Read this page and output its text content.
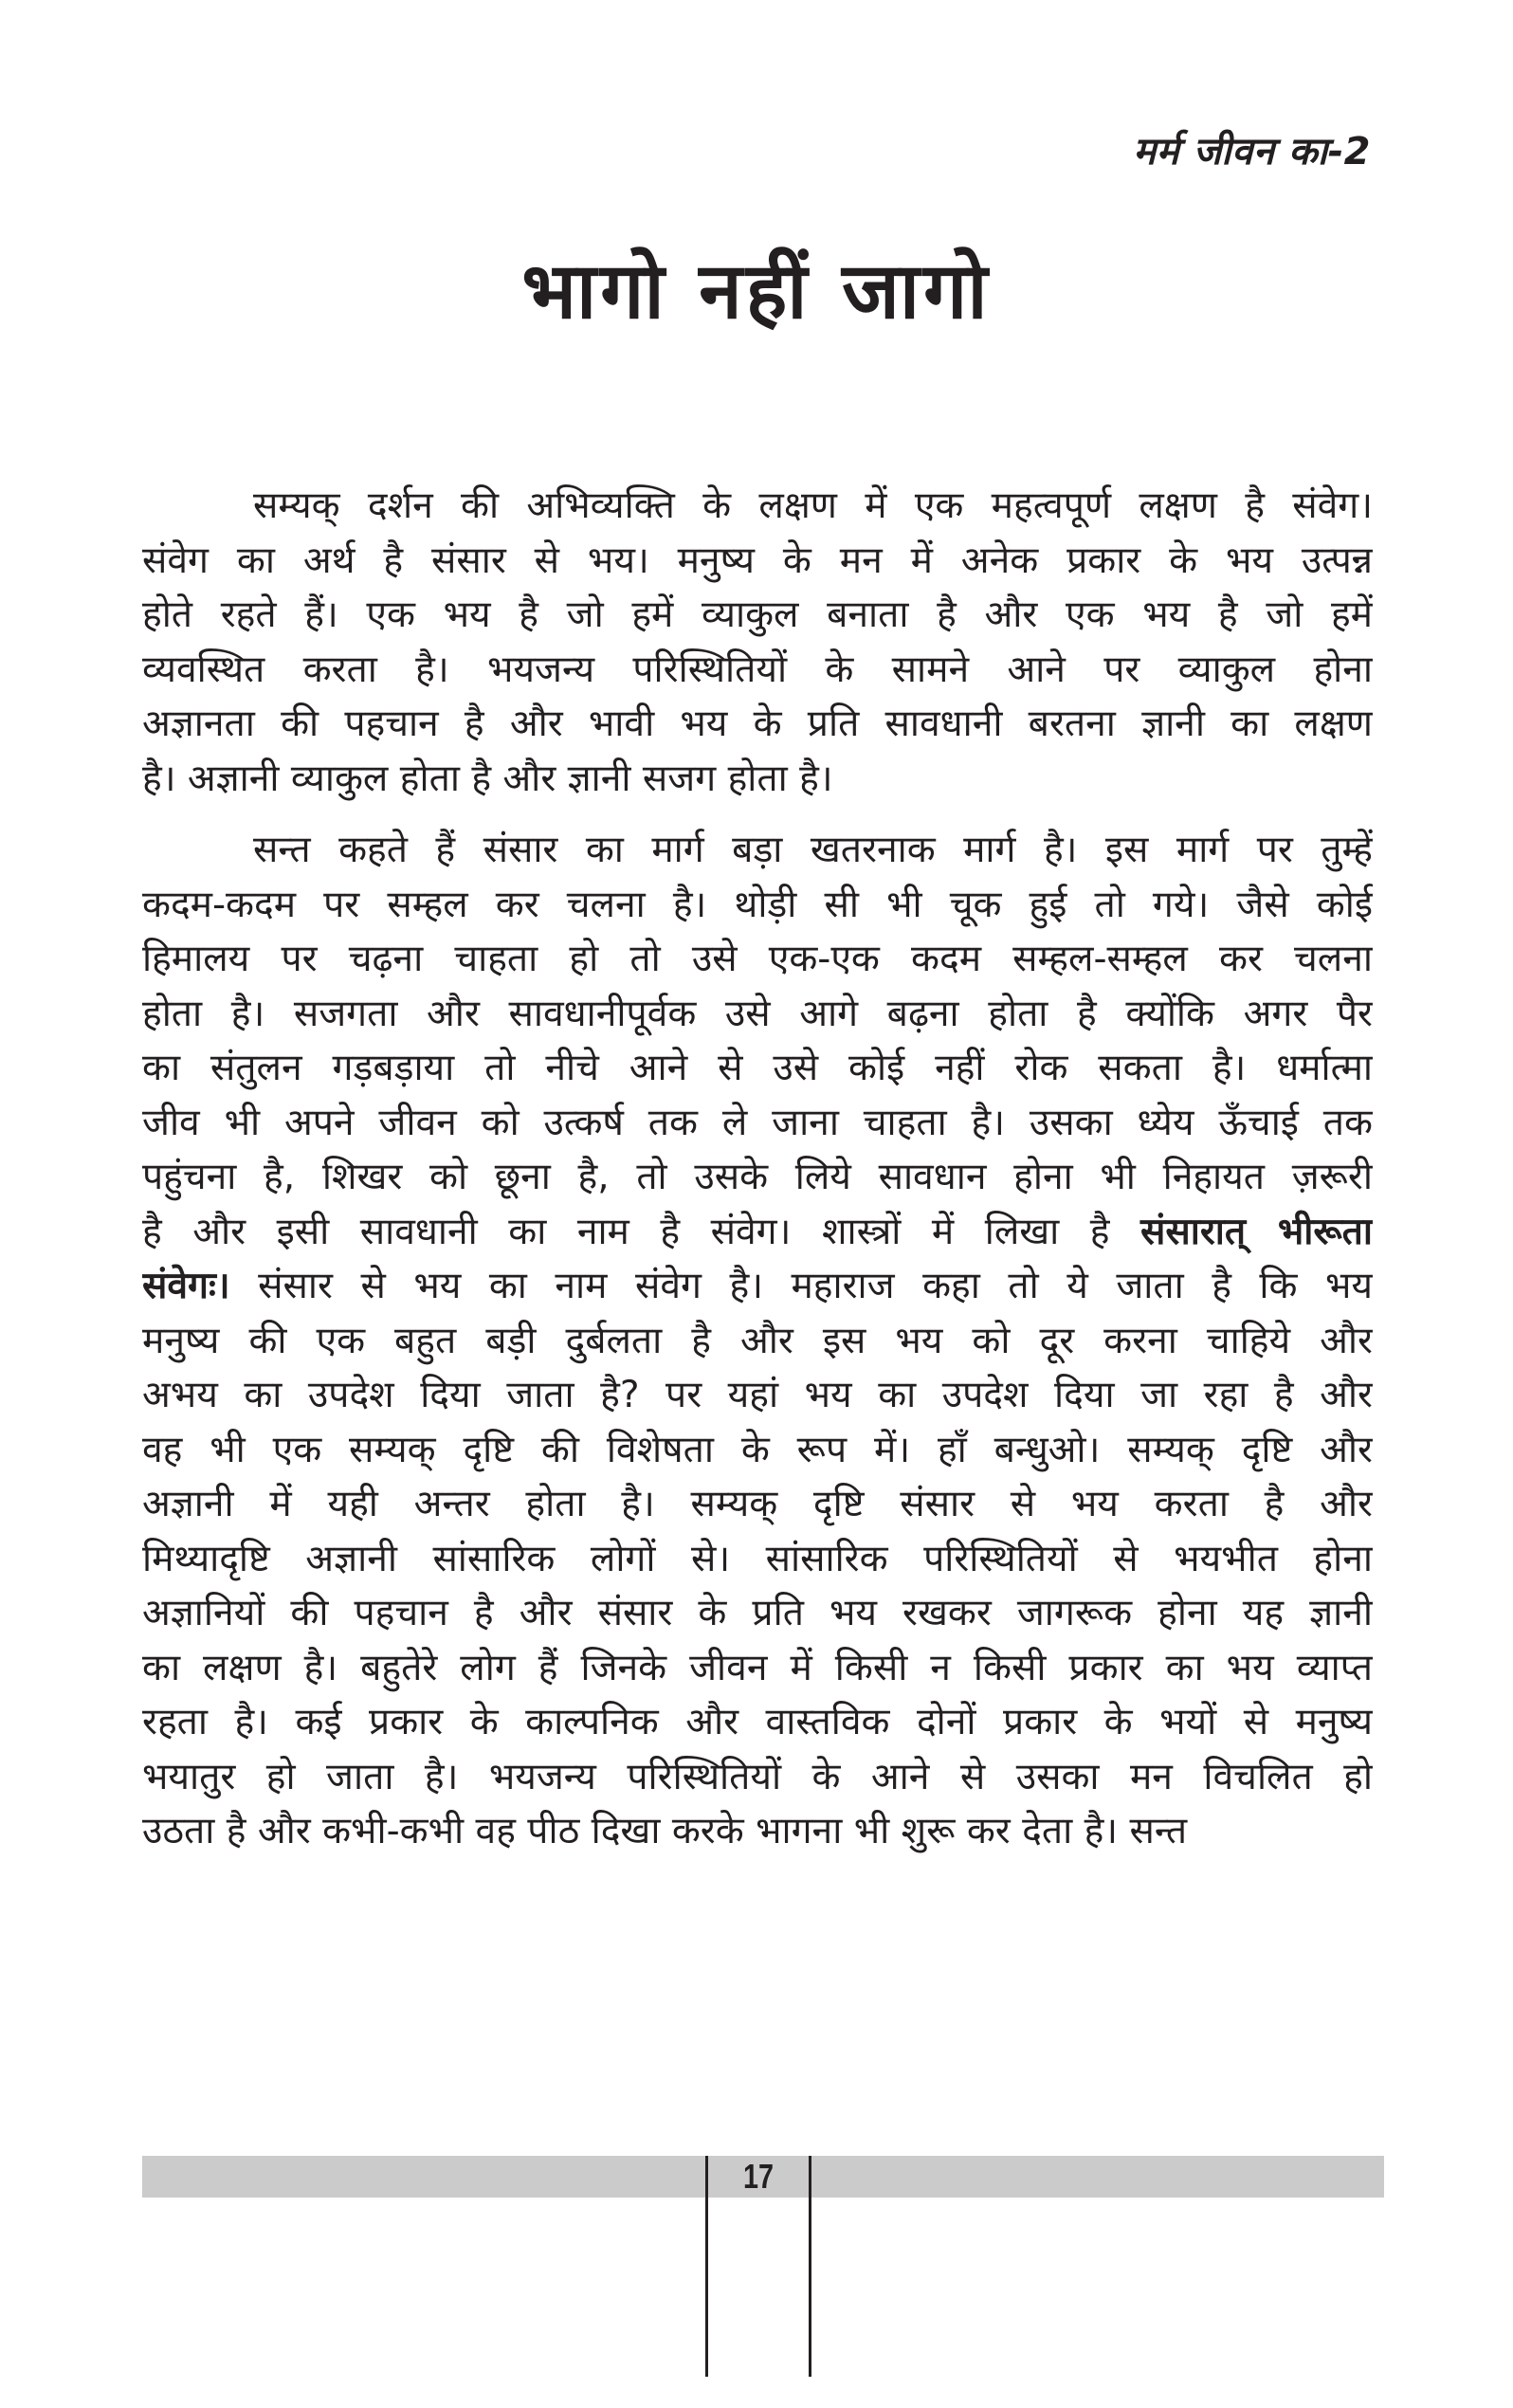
मर्म जीवन का-2
भागो नहीं जागो
सम्यक् दर्शन की अभिव्यक्ति के लक्षण में एक महत्वपूर्ण लक्षण है संवेग।
संवेग का अर्थ है संसार से भय। मनुष्य के मन में अनेक प्रकार के भय उत्पन्न
होते रहते हैं। एक भय है जो हमें व्याकुल बनाता है और एक भय है जो हमें
व्यवस्थित करता है। भयजन्य परिस्थितियों के सामने आने पर व्याकुल होना
अज्ञानता की पहचान है और भावी भय के प्रति सावधानी बरतना ज्ञानी का लक्षण
है। अज्ञानी व्याकुल होता है और ज्ञानी सजग होता है।
सन्त कहते हैं संसार का मार्ग बड़ा खतरनाक मार्ग है। इस मार्ग पर तुम्हें
कदम-कदम पर सम्हल कर चलना है। थोड़ी सी भी चूक हुई तो गये। जैसे कोई
हिमालय पर चढ़ना चाहता हो तो उसे एक-एक कदम सम्हल-सम्हल कर चलना
होता है। सजगता और सावधानीपूर्वक उसे आगे बढ़ना होता है क्योंकि अगर पैर
का संतुलन गड़बड़ाया तो नीचे आने से उसे कोई नहीं रोक सकता है। धर्मात्मा
जीव भी अपने जीवन को उत्कर्ष तक ले जाना चाहता है। उसका ध्येय ऊँचाई तक
पहुंचना है, शिखर को छूना है, तो उसके लिये सावधान होना भी निहायत ज़रूरी
है और इसी सावधानी का नाम है संवेग। शास्त्रों में लिखा है संसारात् भीरूता
संवेगः। संसार से भय का नाम संवेग है। महाराज कहा तो ये जाता है कि भय
मनुष्य की एक बहुत बड़ी दुर्बलता है और इस भय को दूर करना चाहिये और
अभय का उपदेश दिया जाता है? पर यहां भय का उपदेश दिया जा रहा है और
वह भी एक सम्यक् दृष्टि की विशेषता के रूप में। हाँ बन्धुओ। सम्यक् दृष्टि और
अज्ञानी में यही अन्तर होता है। सम्यक् दृष्टि संसार से भय करता है और
मिथ्यादृष्टि अज्ञानी सांसारिक लोगों से। सांसारिक परिस्थितियों से भयभीत होना
अज्ञानियों की पहचान है और संसार के प्रति भय रखकर जागरूक होना यह ज्ञानी
का लक्षण है। बहुतेरे लोग हैं जिनके जीवन में किसी न किसी प्रकार का भय व्याप्त
रहता है। कई प्रकार के काल्पनिक और वास्तविक दोनों प्रकार के भयों से मनुष्य
भयातुर हो जाता है। भयजन्य परिस्थितियों के आने से उसका मन विचलित हो
उठता है और कभी-कभी वह पीठ दिखा करके भागना भी शुरू कर देता है। सन्त
17
